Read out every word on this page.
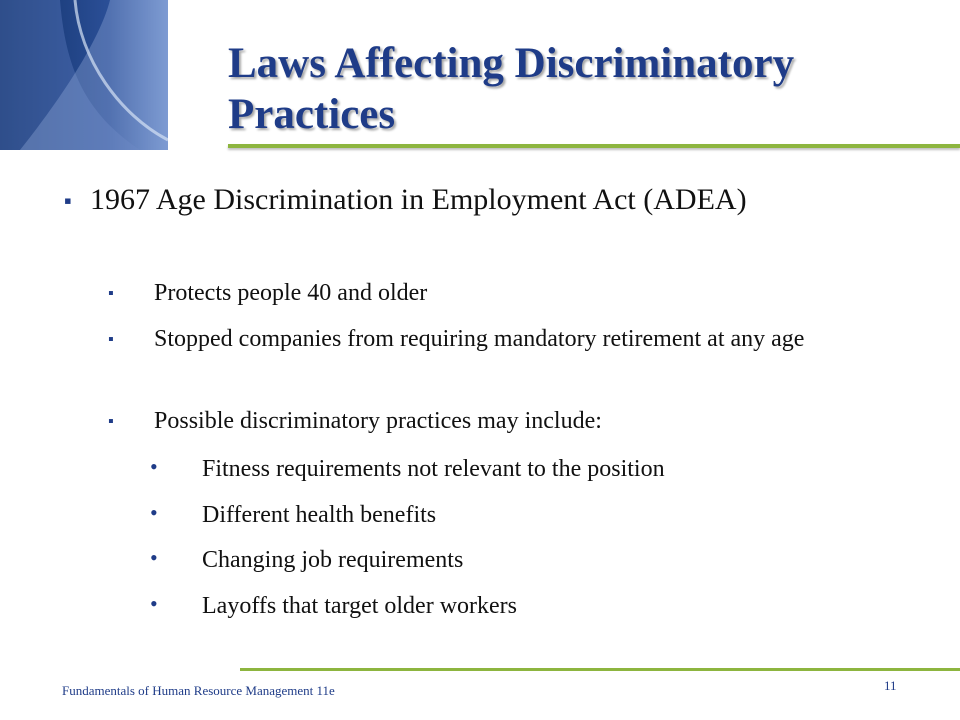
Laws Affecting Discriminatory
Practices
▪ 1967 Age Discrimination in Employment Act (ADEA)
▪	Protects people 40 and older
▪	Stopped companies from requiring mandatory retirement at any age
▪	Possible discriminatory practices may include:
•	Fitness requirements not relevant to the position
•	Different health benefits
•	Changing job requirements
•	Layoffs that target older workers
Fundamentals of Human Resource Management 11e	11
